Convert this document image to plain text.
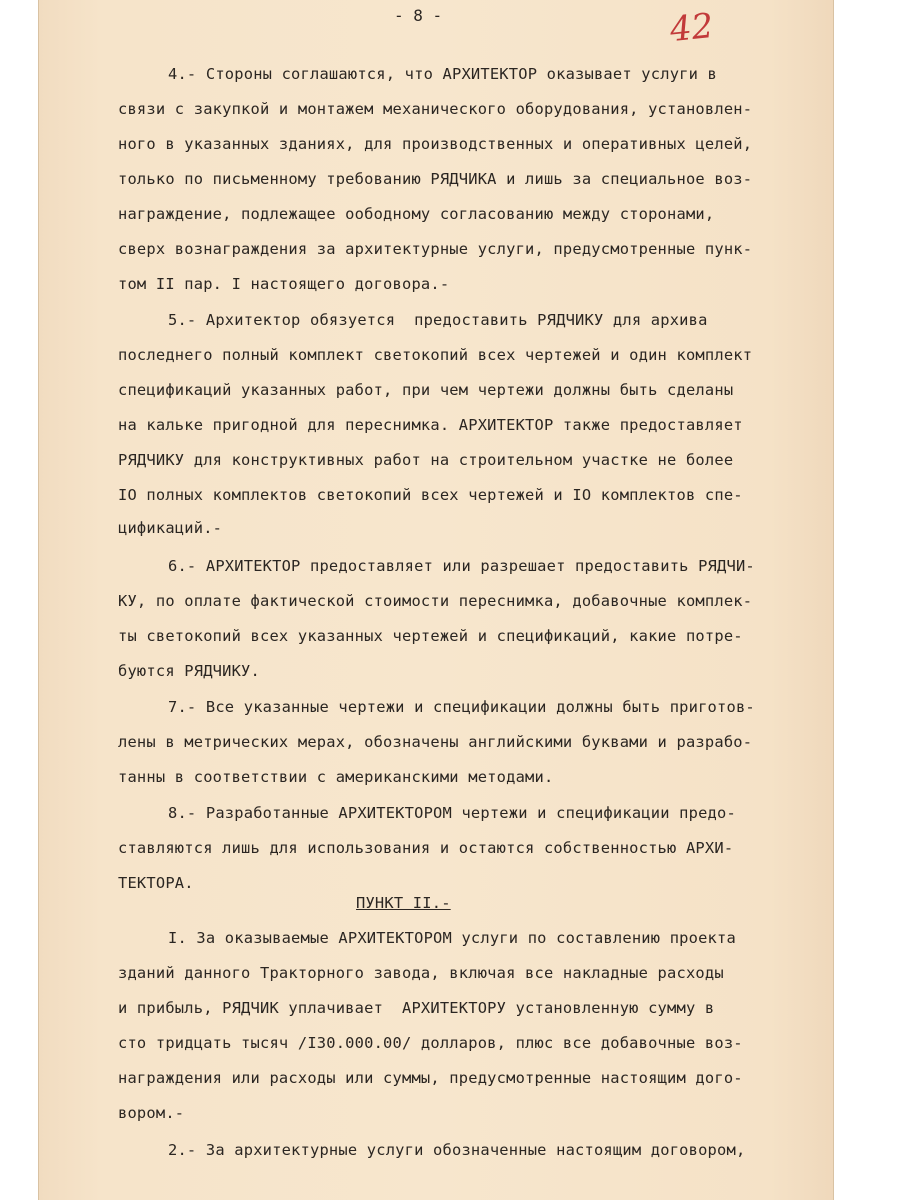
- 8 -	42
4.- Стороны соглашаются, что АРХИТЕКТОР оказывает услуги в
связи с закупкой и монтажем механического оборудования, установлен-
ного в указанных зданиях, для производственных и оперативных целей,
только по письменному требованию РЯДЧИКА и лишь за специальное воз-
награждение, подлежащее оободному согласованию между сторонами,
сверх вознаграждения за архитектурные услуги, предусмотренные пунк-
том II пар. I настоящего договора.-
5.- Архитектор обязуется  предоставить РЯДЧИКУ для архива
последнего полный комплект светокопий всех чертежей и один комплект
спецификаций указанных работ, при чем чертежи должны быть сделаны
на кальке пригодной для переснимка. АРХИТЕКТОР также предоставляет
РЯДЧИКУ для конструктивных работ на строительном участке не более
IO полных комплектов светокопий всех чертежей и IO комплектов спе-
цификаций.-
6.- АРХИТЕКТОР предоставляет или разрешает предоставить РЯДЧИ-
КУ, по оплате фактической стоимости переснимка, добавочные комплек-
ты светокопий всех указанных чертежей и спецификаций, какие потре-
буются РЯДЧИКУ.
7.- Все указанные чертежи и спецификации должны быть приготов-
лены в метрических мерах, обозначены английскими буквами и разрабо-
танны в соответствии с американскими методами.
8.- Разработанные АРХИТЕКТОРОМ чертежи и спецификации предо-
ставляются лишь для использования и остаются собственностью АРХИ-
ТЕКТОРА.
ПУНКТ II.-
I. За оказываемые АРХИТЕКТОРОМ услуги по составлению проекта
зданий данного Тракторного завода, включая все накладные расходы
и прибыль, РЯДЧИК уплачивает  АРХИТЕКТОРУ установленную сумму в
сто тридцать тысяч /I30.000.00/ долларов, плюс все добавочные воз-
награждения или расходы или суммы, предусмотренные настоящим дого-
вором.-
2.- За архитектурные услуги обозначенные настоящим договором,
